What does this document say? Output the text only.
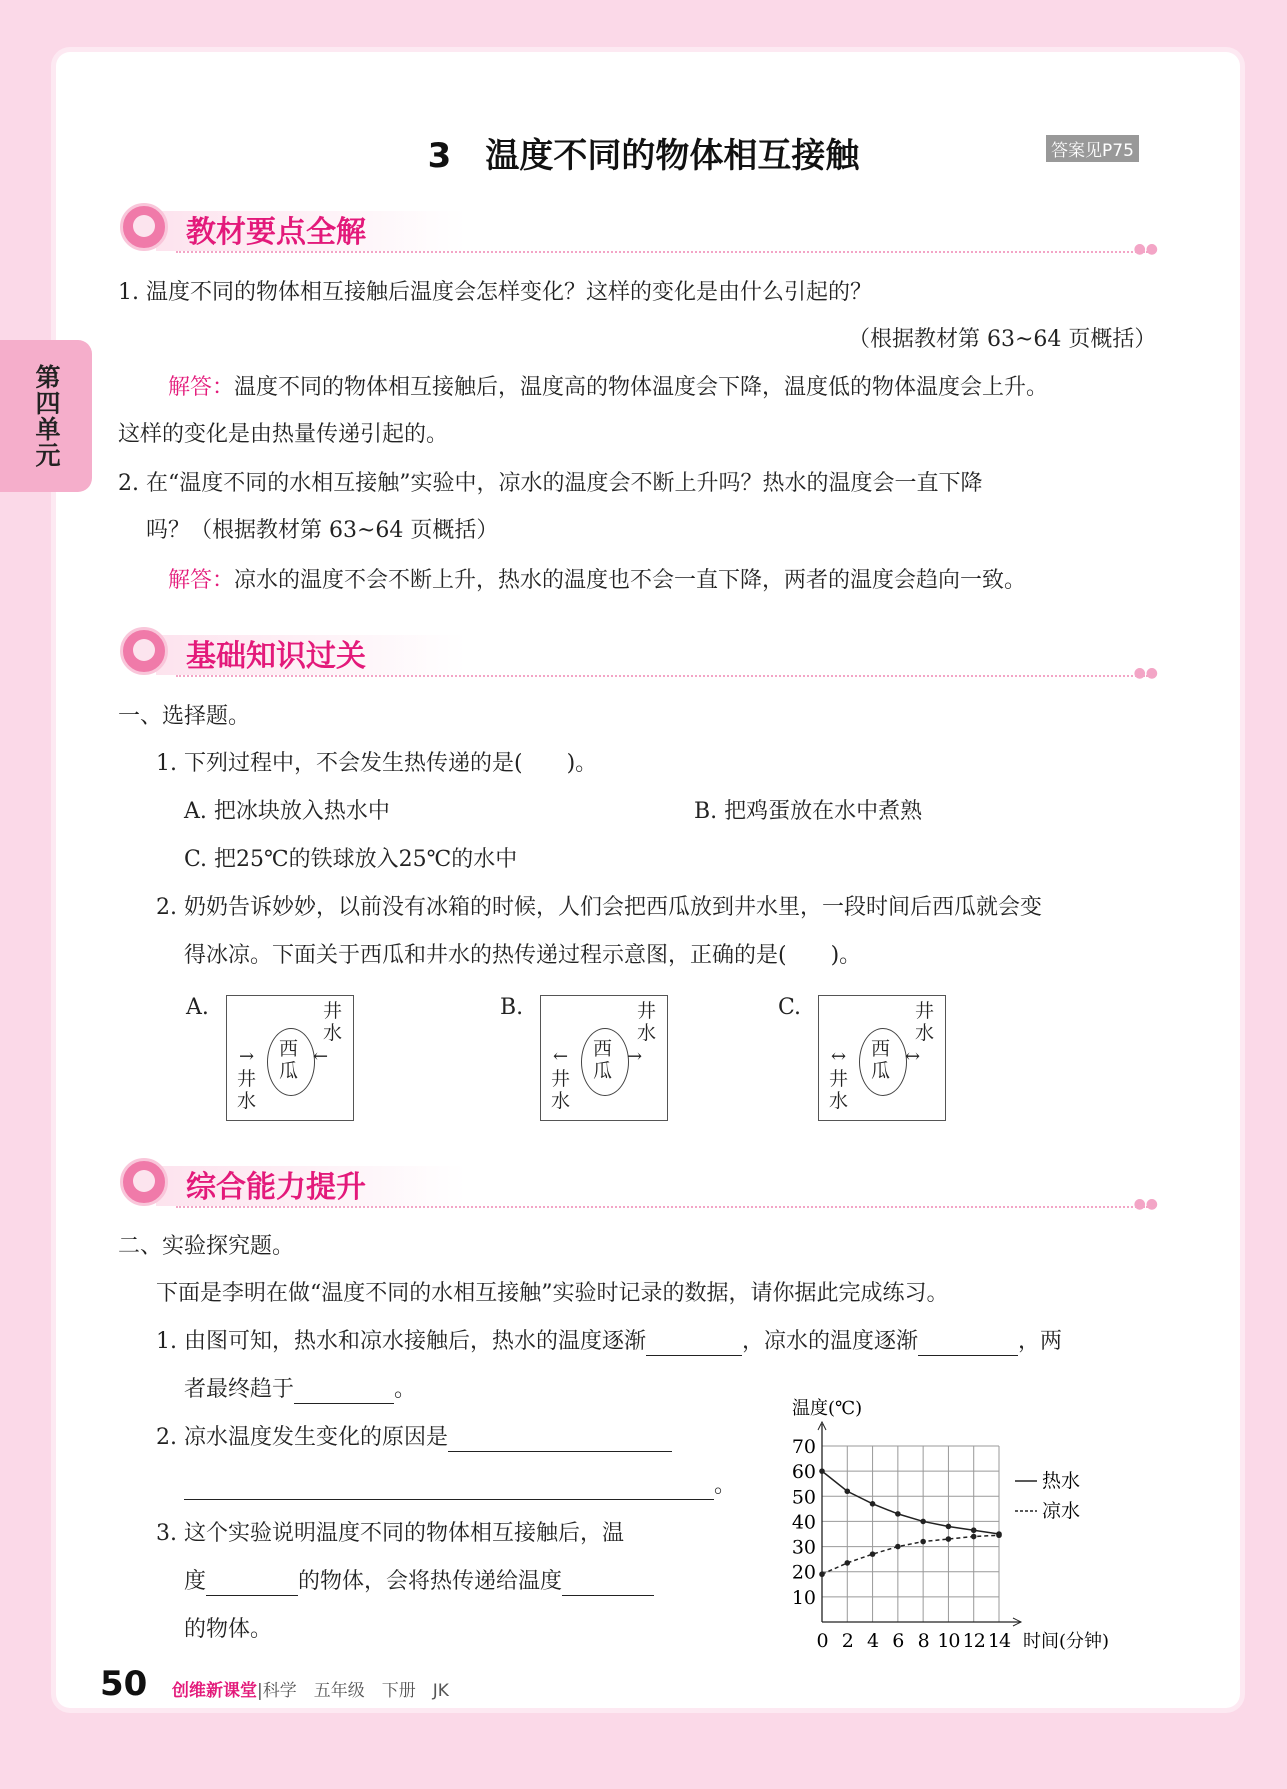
第四单元
3　温度不同的物体相互接触	答案见P75
教材要点全解	●●
1. 温度不同的物体相互接触后温度会怎样变化？这样的变化是由什么引起的？
（根据教材第 63~64 页概括）
解答：温度不同的物体相互接触后，温度高的物体温度会下降，温度低的物体温度会上升。
这样的变化是由热量传递引起的。
2. 在“温度不同的水相互接触”实验中，凉水的温度会不断上升吗？热水的温度会一直下降
吗？（根据教材第 63~64 页概括）
解答：凉水的温度不会不断上升，热水的温度也不会一直下降，两者的温度会趋向一致。
基础知识过关	●●
一、选择题。
1. 下列过程中，不会发生热传递的是(　　)。
A. 把冰块放入热水中	B. 把鸡蛋放在水中煮熟
C. 把25℃的铁球放入25℃的水中
2. 奶奶告诉妙妙，以前没有冰箱的时候，人们会把西瓜放到井水里，一段时间后西瓜就会变
得冰凉。下面关于西瓜和井水的热传递过程示意图，正确的是(　　)。
A.
西
瓜
井
水
井
水
→	←
B.
西
瓜
井
水
井
水
←	→
C.
西
瓜
井
水
井
水
↔	↔
综合能力提升	●●
二、实验探究题。
下面是李明在做“温度不同的水相互接触”实验时记录的数据，请你据此完成练习。
1. 由图可知，热水和凉水接触后，热水的温度逐渐	，凉水的温度逐渐	，两
者最终趋于	。
2. 凉水温度发生变化的原因是
。
3. 这个实验说明温度不同的物体相互接触后，温
度	的物体，会将热传递给温度
的物体。
10
20
30
40
50
60
70
0 2 4 6 8 10 12 14
温度(℃)
时间(分钟)
热水
凉水
50 创维新课堂|科学　五年级　下册　JK
